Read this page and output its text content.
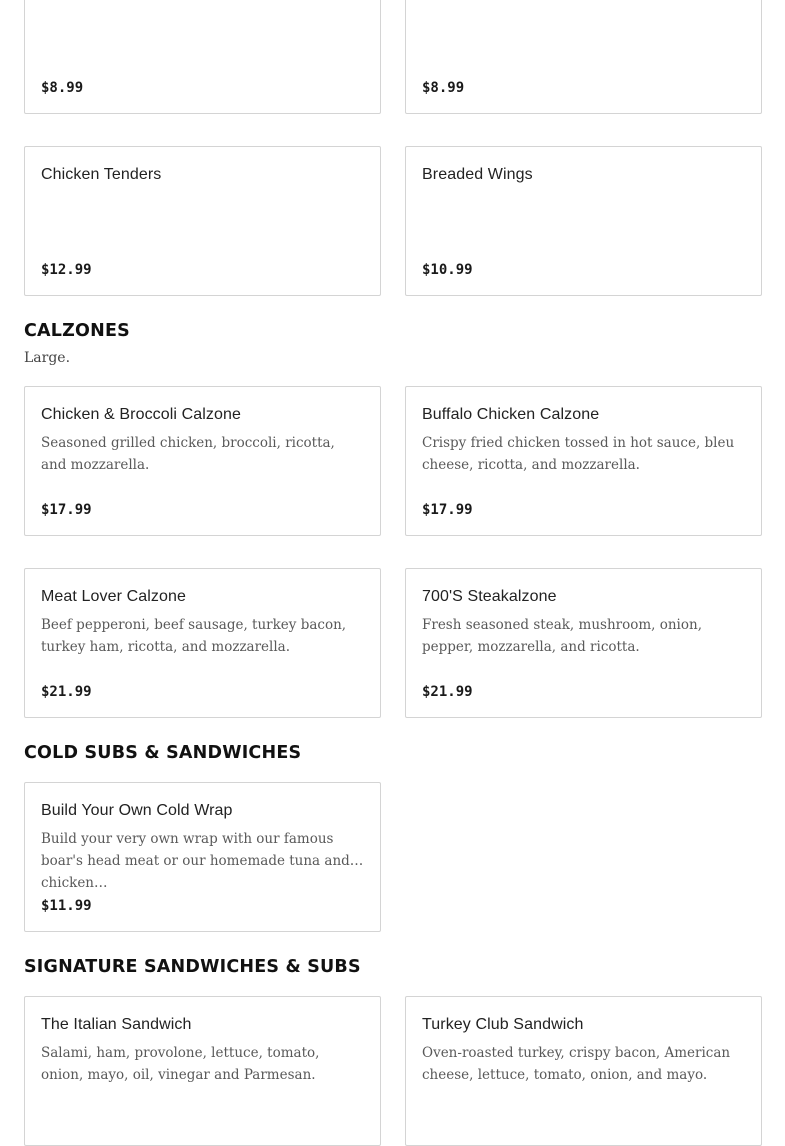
$8.99	$8.99
Chicken Tenders
$12.99
Breaded Wings
$10.99
CALZONES
Large.
Chicken & Broccoli Calzone
Seasoned grilled chicken, broccoli, ricotta, and mozzarella.
$17.99
Buffalo Chicken Calzone
Crispy fried chicken tossed in hot sauce, bleu cheese, ricotta, and mozzarella.
$17.99
Meat Lover Calzone
Beef pepperoni, beef sausage, turkey bacon, turkey ham, ricotta, and mozzarella.
$21.99
700'S Steakalzone
Fresh seasoned steak, mushroom, onion, pepper, mozzarella, and ricotta.
$21.99
COLD SUBS & SANDWICHES
Build Your Own Cold Wrap
Build your very own wrap with our famous boar's head meat or our homemade tuna and chicken…
$11.99
SIGNATURE SANDWICHES & SUBS
The Italian Sandwich
Salami, ham, provolone, lettuce, tomato, onion, mayo, oil, vinegar and Parmesan.
Turkey Club Sandwich
Oven-roasted turkey, crispy bacon, American cheese, lettuce, tomato, onion, and mayo.
